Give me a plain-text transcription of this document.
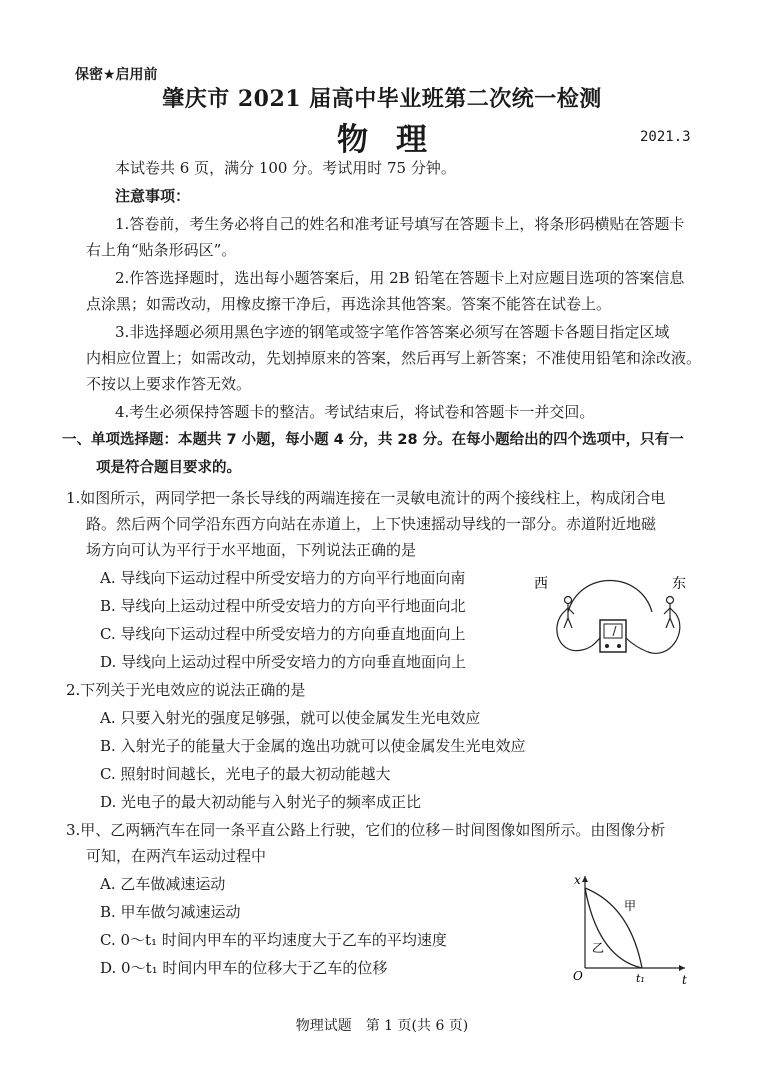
保密★启用前
肇庆市 2021 届高中毕业班第二次统一检测
物理	2021.3
本试卷共 6 页，满分 100 分。考试用时 75 分钟。
注意事项：
1.答卷前，考生务必将自己的姓名和准考证号填写在答题卡上，将条形码横贴在答题卡
右上角“贴条形码区”。
2.作答选择题时，选出每小题答案后，用 2B 铅笔在答题卡上对应题目选项的答案信息
点涂黑；如需改动，用橡皮擦干净后，再选涂其他答案。答案不能答在试卷上。
3.非选择题必须用黑色字迹的钢笔或签字笔作答答案必须写在答题卡各题目指定区域
内相应位置上；如需改动，先划掉原来的答案，然后再写上新答案；不准使用铅笔和涂改液。
不按以上要求作答无效。
4.考生必须保持答题卡的整洁。考试结束后，将试卷和答题卡一并交回。
一、单项选择题：本题共 7 小题，每小题 4 分，共 28 分。在每小题给出的四个选项中，只有一
项是符合题目要求的。
1.如图所示，两同学把一条长导线的两端连接在一灵敏电流计的两个接线柱上，构成闭合电
路。然后两个同学沿东西方向站在赤道上，上下快速摇动导线的一部分。赤道附近地磁
场方向可认为平行于水平地面，下列说法正确的是
A. 导线向下运动过程中所受安培力的方向平行地面向南
B. 导线向上运动过程中所受安培力的方向平行地面向北
C. 导线向下运动过程中所受安培力的方向垂直地面向上
D. 导线向上运动过程中所受安培力的方向垂直地面向上
西	东
2.下列关于光电效应的说法正确的是
A. 只要入射光的强度足够强，就可以使金属发生光电效应
B. 入射光子的能量大于金属的逸出功就可以使金属发生光电效应
C. 照射时间越长，光电子的最大初动能越大
D. 光电子的最大初动能与入射光子的频率成正比
3.甲、乙两辆汽车在同一条平直公路上行驶，它们的位移－时间图像如图所示。由图像分析
可知，在两汽车运动过程中
A. 乙车做减速运动
B. 甲车做匀减速运动
C. 0～t₁ 时间内甲车的平均速度大于乙车的平均速度
D. 0～t₁ 时间内甲车的位移大于乙车的位移
x
t
O	t₁
甲
乙
物理试题　第 1 页(共 6 页)
